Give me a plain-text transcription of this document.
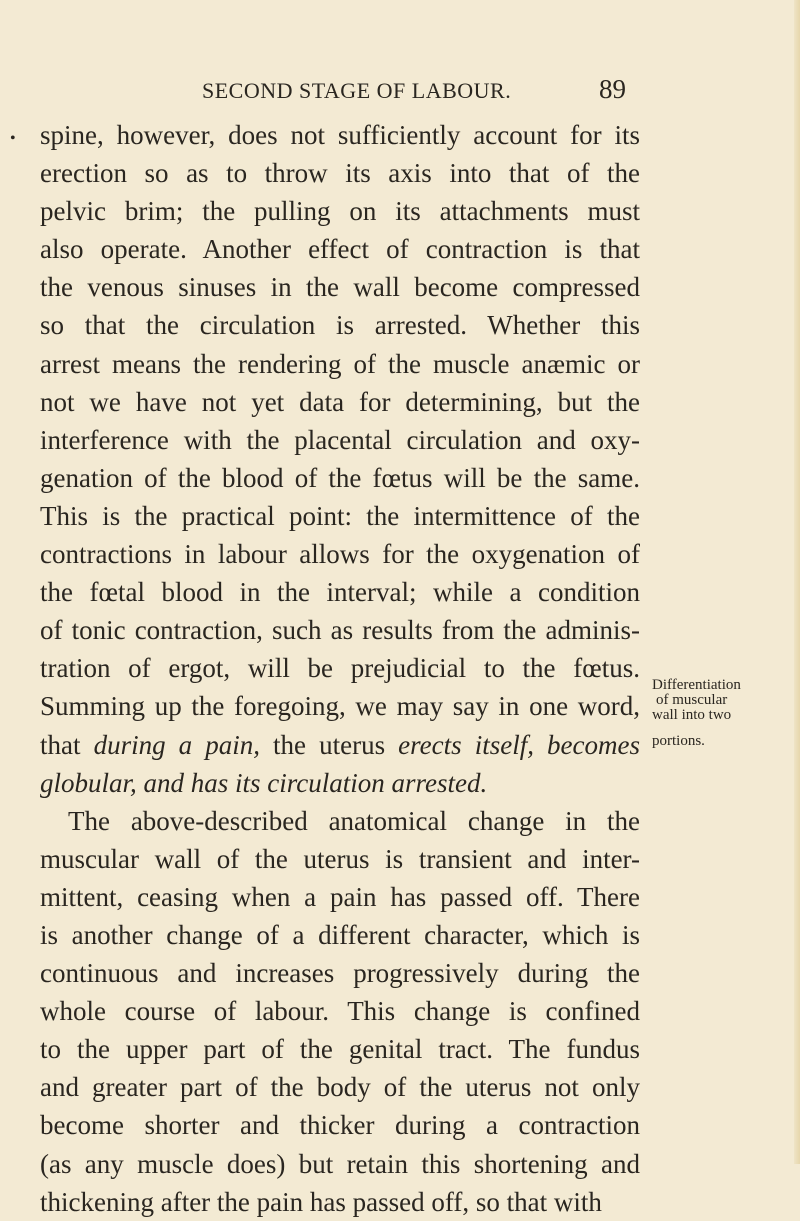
SECOND STAGE OF LABOUR.	89
• spine, however, does not sufficiently account for its
erection so as to throw its axis into that of the
pelvic brim; the pulling on its attachments must
also operate. Another effect of contraction is that
the venous sinuses in the wall become compressed
so that the circulation is arrested. Whether this
arrest means the rendering of the muscle anæmic or
not we have not yet data for determining, but the
interference with the placental circulation and oxy-
genation of the blood of the fœtus will be the same.
This is the practical point: the intermittence of the
contractions in labour allows for the oxygenation of
the fœtal blood in the interval; while a condition
of tonic contraction, such as results from the adminis-
tration of ergot, will be prejudicial to the fœtus.
Summing up the foregoing, we may say in one word,
that during a pain, the uterus erects itself, becomes
globular, and has its circulation arrested.
The above-described anatomical change in the
muscular wall of the uterus is transient and inter-
mittent, ceasing when a pain has passed off. There
is another change of a different character, which is
continuous and increases progressively during the
whole course of labour. This change is confined
to the upper part of the genital tract. The fundus
and greater part of the body of the uterus not only
become shorter and thicker during a contraction
(as any muscle does) but retain this shortening and
thickening after the pain has passed off, so that with
Differentiation
of muscular
wall into two
portions.
